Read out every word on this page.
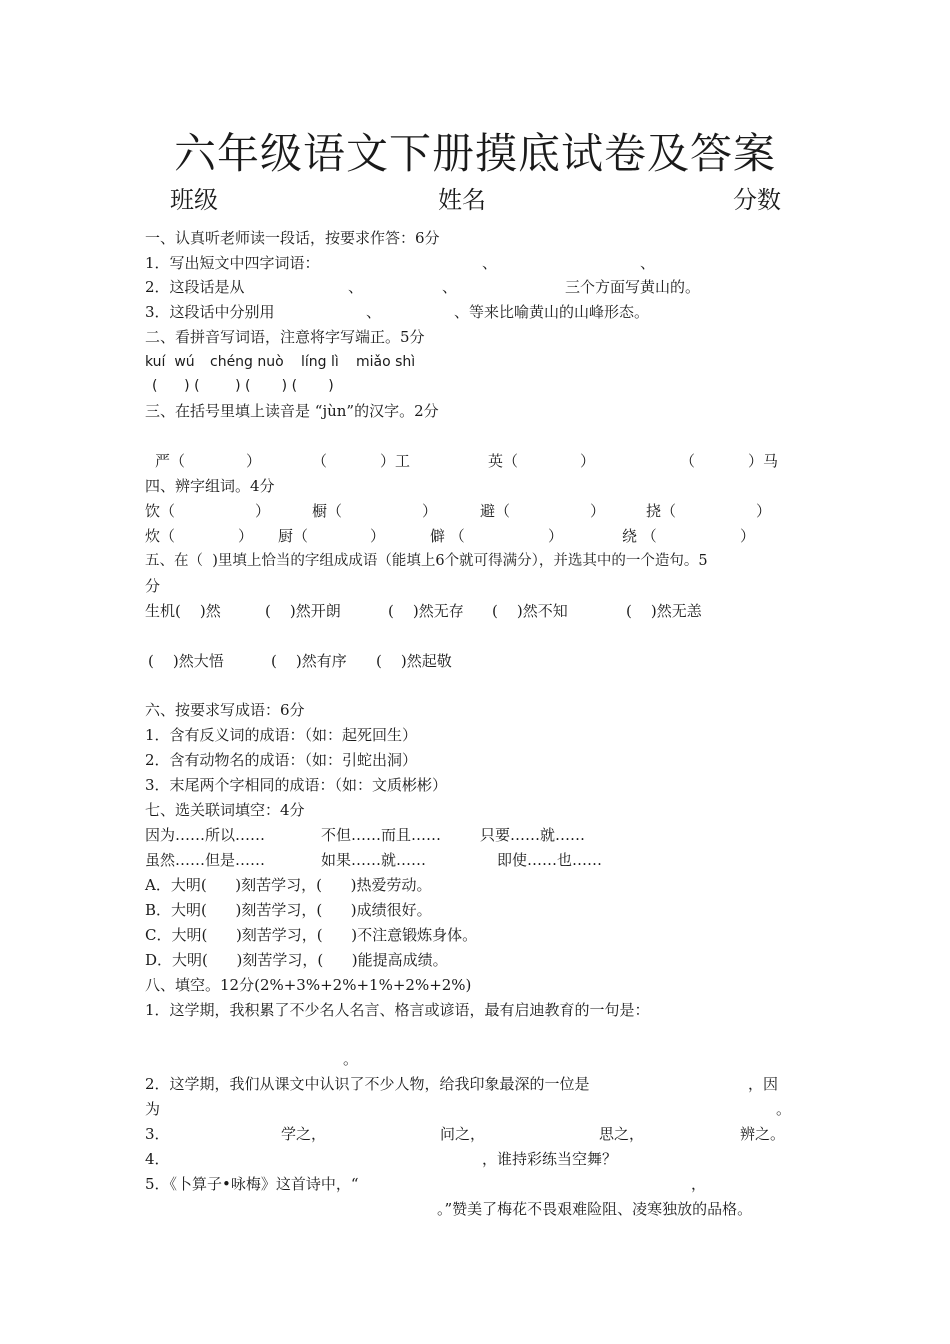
六年级语文下册摸底试卷及答案
班级	姓名	分数
一、认真听老师读一段话，按要求作答：6分
1．写出短文中四字词语：	、	、
2．这段话是从	、	、	三个方面写黄山的。
3．这段话中分别用	、	、等来比喻黄山的山峰形态。
二、看拼音写词语，注意将字写端正。5分
kuí  wú chéng nuò líng lì miǎo shì
(      ) (        ) (       ) (       )
三、在括号里填上读音是 “jùn”的汉字。2分
严（	）	（	）工	英（	）	（	）马
四、辨字组词。4分
饮（	）	橱（	）	避（	）	挠（	）
炊（	） 厨（	）	僻 （	）	绕 （	）
五、在（  )里填上恰当的字组成成语（能填上6个就可得满分），并选其中的一个造句。5
分
生机(    )然	(    )然开朗	(    )然无存 (    )然不知	(    )然无恙
(    )然大悟	(    )然有序 (    )然起敬
六、按要求写成语：6分
1．含有反义词的成语：（如：起死回生）
2．含有动物名的成语：（如：引蛇出洞）
3．末尾两个字相同的成语：（如：文质彬彬）
七、选关联词填空：4分
因为……所以……	不但……而且……	只要……就……
虽然……但是……	如果……就……	即使……也……
A．大明(      )刻苦学习，(      )热爱劳动。
B．大明(      )刻苦学习，(      )成绩很好。
C．大明(      )刻苦学习，(      )不注意锻炼身体。
D．大明(      )刻苦学习，(      )能提高成绩。
八、填空。12分(2%+3%+2%+1%+2%+2%)
1．这学期，我积累了不少名人名言、格言或谚语，最有启迪教育的一句是：
。
2．这学期，我们从课文中认识了不少人物，给我印象最深的一位是	，因
为	。
3．	学之，	问之，	思之，	辨之。
4．	，谁持彩练当空舞？
5．《卜算子•咏梅》这首诗中，“	，
。”赞美了梅花不畏艰难险阻、凌寒独放的品格。
